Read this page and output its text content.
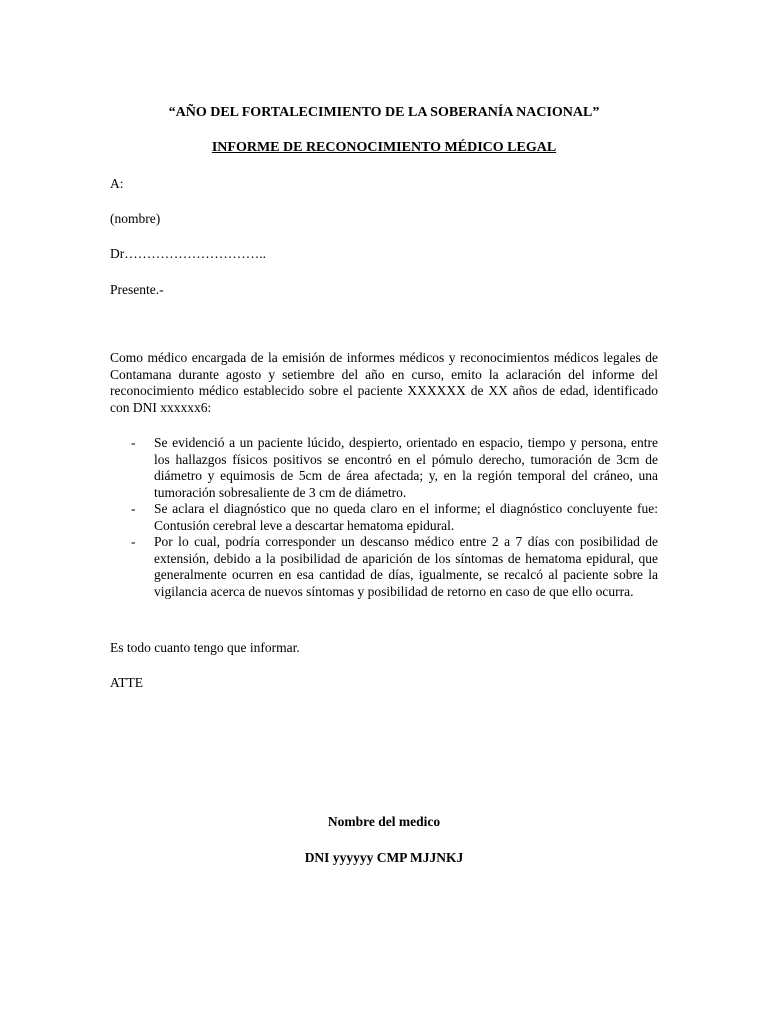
“AÑO DEL FORTALECIMIENTO DE LA SOBERANÍA NACIONAL”

INFORME DE RECONOCIMIENTO MÉDICO LEGAL

A:

(nombre)

Dr…………………………..

Presente.-

Como médico encargada de la emisión de informes médicos y reconocimientos médicos legales de Contamana durante agosto y setiembre del año en curso, emito la aclaración del informe del reconocimiento médico establecido sobre el paciente XXXXXX de XX años de edad, identificado con DNI xxxxxx6:

- Se evidenció a un paciente lúcido, despierto, orientado en espacio, tiempo y persona, entre los hallazgos físicos positivos se encontró en el pómulo derecho, tumoración de 3cm de diámetro y equimosis de 5cm de área afectada; y, en la región temporal del cráneo, una tumoración sobresaliente de 3 cm de diámetro.
- Se aclara el diagnóstico que no queda claro en el informe; el diagnóstico concluyente fue: Contusión cerebral leve a descartar hematoma epidural.
- Por lo cual, podría corresponder un descanso médico entre 2 a 7 días con posibilidad de extensión, debido a la posibilidad de aparición de los síntomas de hematoma epidural, que generalmente ocurren en esa cantidad de días, igualmente, se recalcó al paciente sobre la vigilancia acerca de nuevos síntomas y posibilidad de retorno en caso de que ello ocurra.

Es todo cuanto tengo que informar.

ATTE

Nombre del medico

DNI yyyyyy CMP MJJNKJ
